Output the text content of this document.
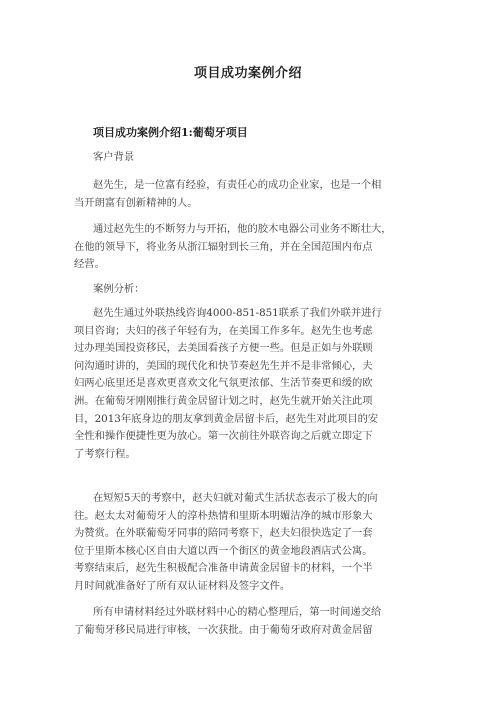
项目成功案例介绍
项目成功案例介绍1:葡萄牙项目
客户背景
赵先生，是一位富有经验，有责任心的成功企业家，也是一个相
当开朗富有创新精神的人。
通过赵先生的不断努力与开拓，他的胶木电器公司业务不断壮大，
在他的领导下，将业务从浙江辐射到长三角，并在全国范围内布点
经营。
案例分析：
赵先生通过外联热线咨询4000-851-851联系了我们外联并进行
项目咨询；夫妇的孩子年轻有为，在美国工作多年。赵先生也考虑
过办理美国投资移民，去美国看孩子方便一些。但是正如与外联顾
问沟通时讲的，美国的现代化和快节奏赵先生并不是非常倾心，夫
妇两心底里还是喜欢更喜欢文化气氛更浓郁、生活节奏更和缓的欧
洲。在葡萄牙刚刚推行黄金居留计划之时，赵先生就开始关注此项
目，2013年底身边的朋友拿到黄金居留卡后，赵先生对此项目的安
全性和操作便捷性更为放心。第一次前往外联咨询之后就立即定下
了考察行程。
在短短5天的考察中，赵夫妇就对葡式生活状态表示了极大的向
往。赵太太对葡萄牙人的淳朴热情和里斯本明媚洁净的城市形象大
为赞赏。在外联葡萄牙同事的陪同考察下，赵夫妇很快选定了一套
位于里斯本核心区自由大道以西一个街区的黄金地段酒店式公寓。
考察结束后，赵先生积极配合准备申请黄金居留卡的材料，一个半
月时间就准备好了所有双认证材料及签字文件。
所有申请材料经过外联材料中心的精心整理后，第一时间递交给
了葡萄牙移民局进行审核，一次获批。由于葡萄牙政府对黄金居留
